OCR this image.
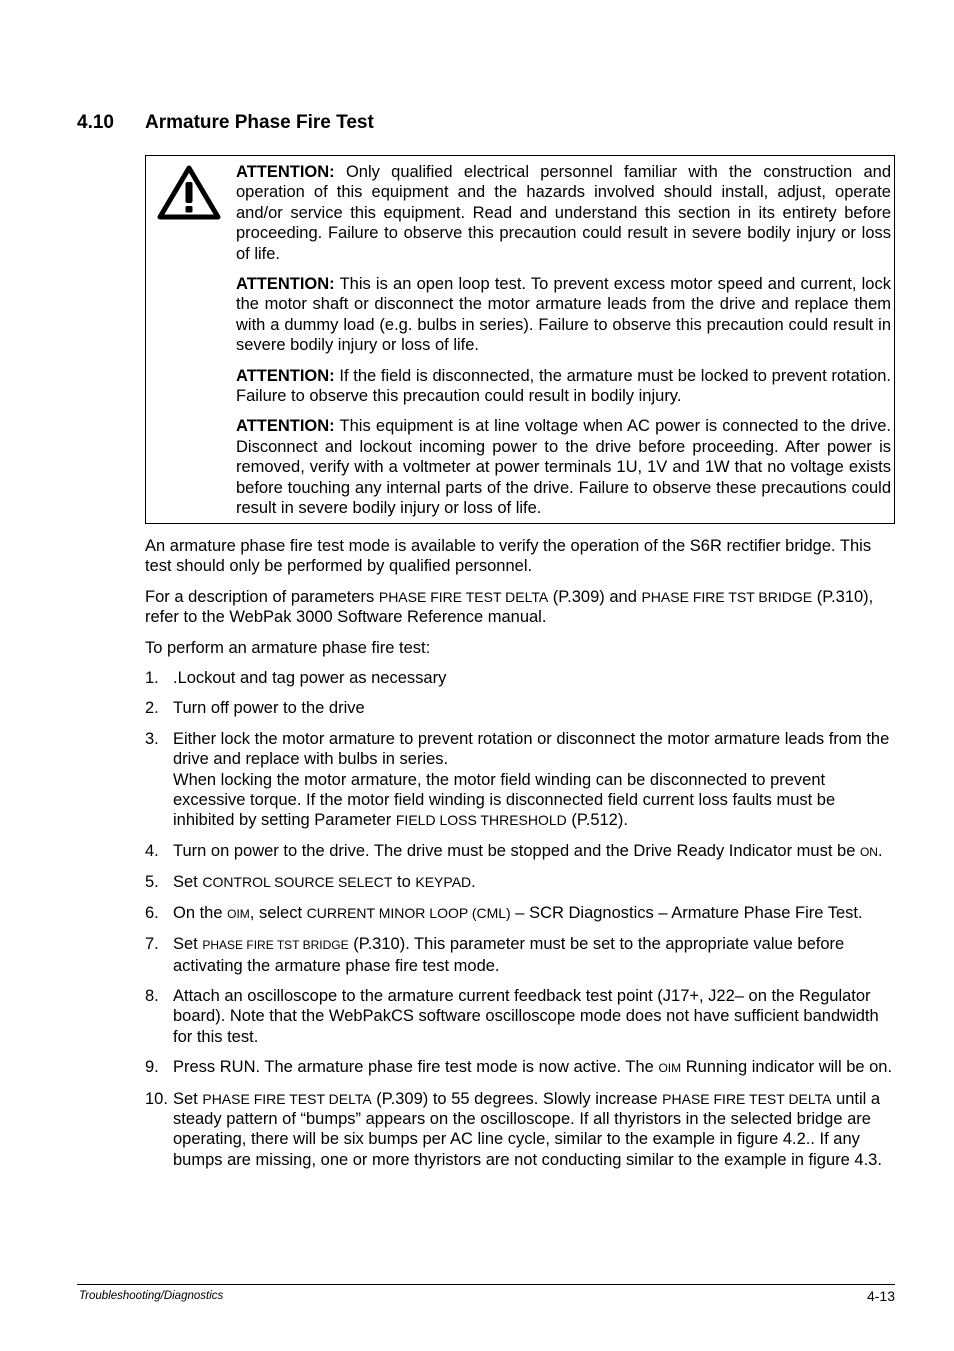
4.10 Armature Phase Fire Test

ATTENTION: Only qualified electrical personnel familiar with the construction and operation of this equipment and the hazards involved should install, adjust, operate and/or service this equipment. Read and understand this section in its entirety before proceeding. Failure to observe this precaution could result in severe bodily injury or loss of life.

ATTENTION: This is an open loop test. To prevent excess motor speed and current, lock the motor shaft or disconnect the motor armature leads from the drive and replace them with a dummy load (e.g. bulbs in series). Failure to observe this precaution could result in severe bodily injury or loss of life.

ATTENTION: If the field is disconnected, the armature must be locked to prevent rotation. Failure to observe this precaution could result in bodily injury.

ATTENTION: This equipment is at line voltage when AC power is connected to the drive. Disconnect and lockout incoming power to the drive before proceeding. After power is removed, verify with a voltmeter at power terminals 1U, 1V and 1W that no voltage exists before touching any internal parts of the drive. Failure to observe these precautions could result in severe bodily injury or loss of life.

An armature phase fire test mode is available to verify the operation of the S6R rectifier bridge. This test should only be performed by qualified personnel.

For a description of parameters PHASE FIRE TEST DELTA (P.309) and PHASE FIRE TST BRIDGE (P.310), refer to the WebPak 3000 Software Reference manual.

To perform an armature phase fire test:

1. .Lockout and tag power as necessary
2. Turn off power to the drive
3. Either lock the motor armature to prevent rotation or disconnect the motor armature leads from the drive and replace with bulbs in series.
When locking the motor armature, the motor field winding can be disconnected to prevent excessive torque. If the motor field winding is disconnected field current loss faults must be inhibited by setting Parameter FIELD LOSS THRESHOLD (P.512).
4. Turn on power to the drive. The drive must be stopped and the Drive Ready Indicator must be ON.
5. Set CONTROL SOURCE SELECT to KEYPAD.
6. On the OIM, select CURRENT MINOR LOOP (CML) – SCR Diagnostics – Armature Phase Fire Test.
7. Set PHASE FIRE TST BRIDGE (P.310). This parameter must be set to the appropriate value before activating the armature phase fire test mode.
8. Attach an oscilloscope to the armature current feedback test point (J17+, J22– on the Regulator board). Note that the WebPakCS software oscilloscope mode does not have sufficient bandwidth for this test.
9. Press RUN. The armature phase fire test mode is now active. The OIM Running indicator will be on.
10. Set PHASE FIRE TEST DELTA (P.309) to 55 degrees. Slowly increase PHASE FIRE TEST DELTA until a steady pattern of “bumps” appears on the oscilloscope. If all thyristors in the selected bridge are operating, there will be six bumps per AC line cycle, similar to the example in figure 4.2.. If any bumps are missing, one or more thyristors are not conducting similar to the example in figure 4.3.
Troubleshooting/Diagnostics	4-13
